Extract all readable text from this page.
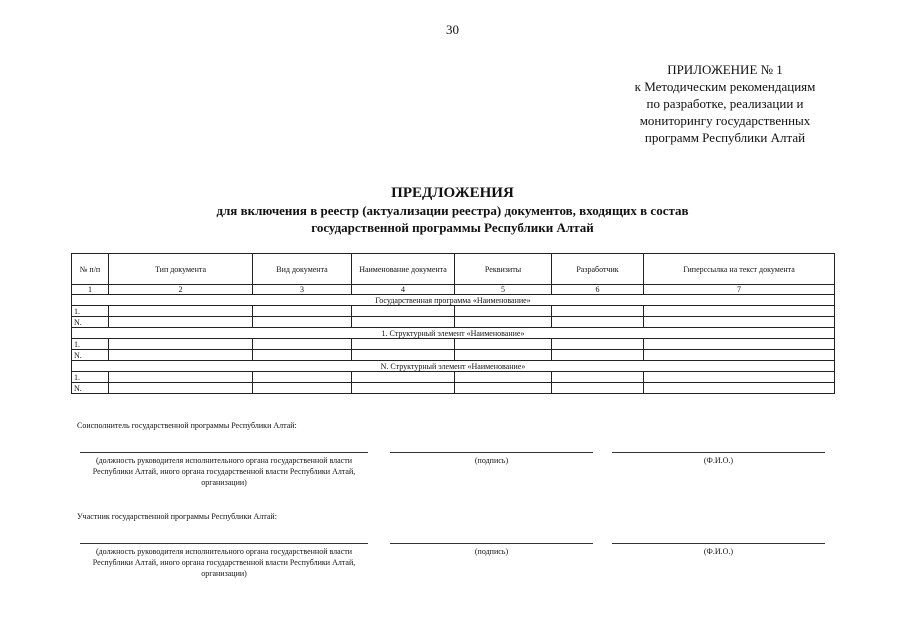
30
ПРИЛОЖЕНИЕ № 1
к Методическим рекомендациям
по разработке, реализации и
мониторингу государственных
программ Республики Алтай
ПРЕДЛОЖЕНИЯ
для включения в реестр (актуализации реестра) документов, входящих в состав
государственной программы Республики Алтай
№ п/п	Тип документа	Вид документа	Наименование документа	Реквизиты	Разработчик	Гиперссылка на текст документа
1	2	3	4	5	6	7
Государственная программа «Наименование»						
1.						
N.						
1. Структурный элемент «Наименование»						
1.						
N.						
N. Структурный элемент «Наименование»						
1.						
N.						
Соисполнитель государственной программы Республики Алтай:
(должность руководителя исполнительного органа государственной власти Республики Алтай, иного органа государственной власти Республики Алтай, организации)
(подпись)	(Ф.И.О.)
Участник государственной программы Республики Алтай:
(должность руководителя исполнительного органа государственной власти Республики Алтай, иного органа государственной власти Республики Алтай, организации)
(подпись)	(Ф.И.О.)
